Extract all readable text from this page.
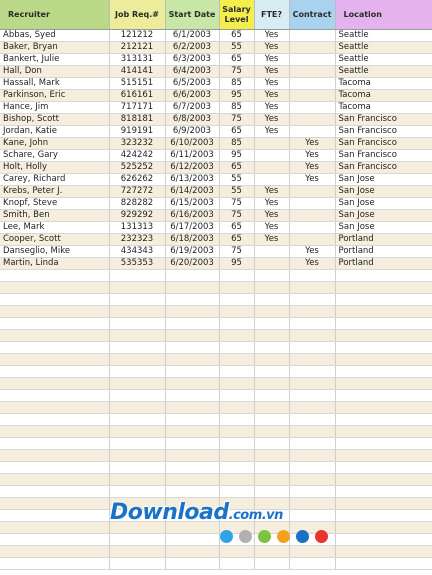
Recruiter	Job Req.#	Start Date	Salary Level	FTE?	Contract	Location
Abbas, Syed	121212	6/1/2003	65	Yes		Seattle
Baker, Bryan	212121	6/2/2003	55	Yes		Seattle
Bankert, Julie	313131	6/3/2003	65	Yes		Seattle
Hall, Don	414141	6/4/2003	75	Yes		Seattle
Hassall, Mark	515151	6/5/2003	85	Yes		Tacoma
Parkinson, Eric	616161	6/6/2003	95	Yes		Tacoma
Hance, Jim	717171	6/7/2003	85	Yes		Tacoma
Bishop, Scott	818181	6/8/2003	75	Yes		San Francisco
Jordan, Katie	919191	6/9/2003	65	Yes		San Francisco
Kane, John	323232	6/10/2003	85		Yes	San Francisco
Schare, Gary	424242	6/11/2003	95		Yes	San Francisco
Holt, Holly	525252	6/12/2003	65		Yes	San Francisco
Carey, Richard	626262	6/13/2003	55		Yes	San Jose
Krebs, Peter J.	727272	6/14/2003	55	Yes		San Jose
Knopf, Steve	828282	6/15/2003	75	Yes		San Jose
Smith, Ben	929292	6/16/2003	75	Yes		San Jose
Lee, Mark	131313	6/17/2003	65	Yes		San Jose
Cooper, Scott	232323	6/18/2003	65	Yes		Portland
Danseglio, Mike	434343	6/19/2003	75		Yes	Portland
Martin, Linda	535353	6/20/2003	95		Yes	Portland

Download.com.vn
